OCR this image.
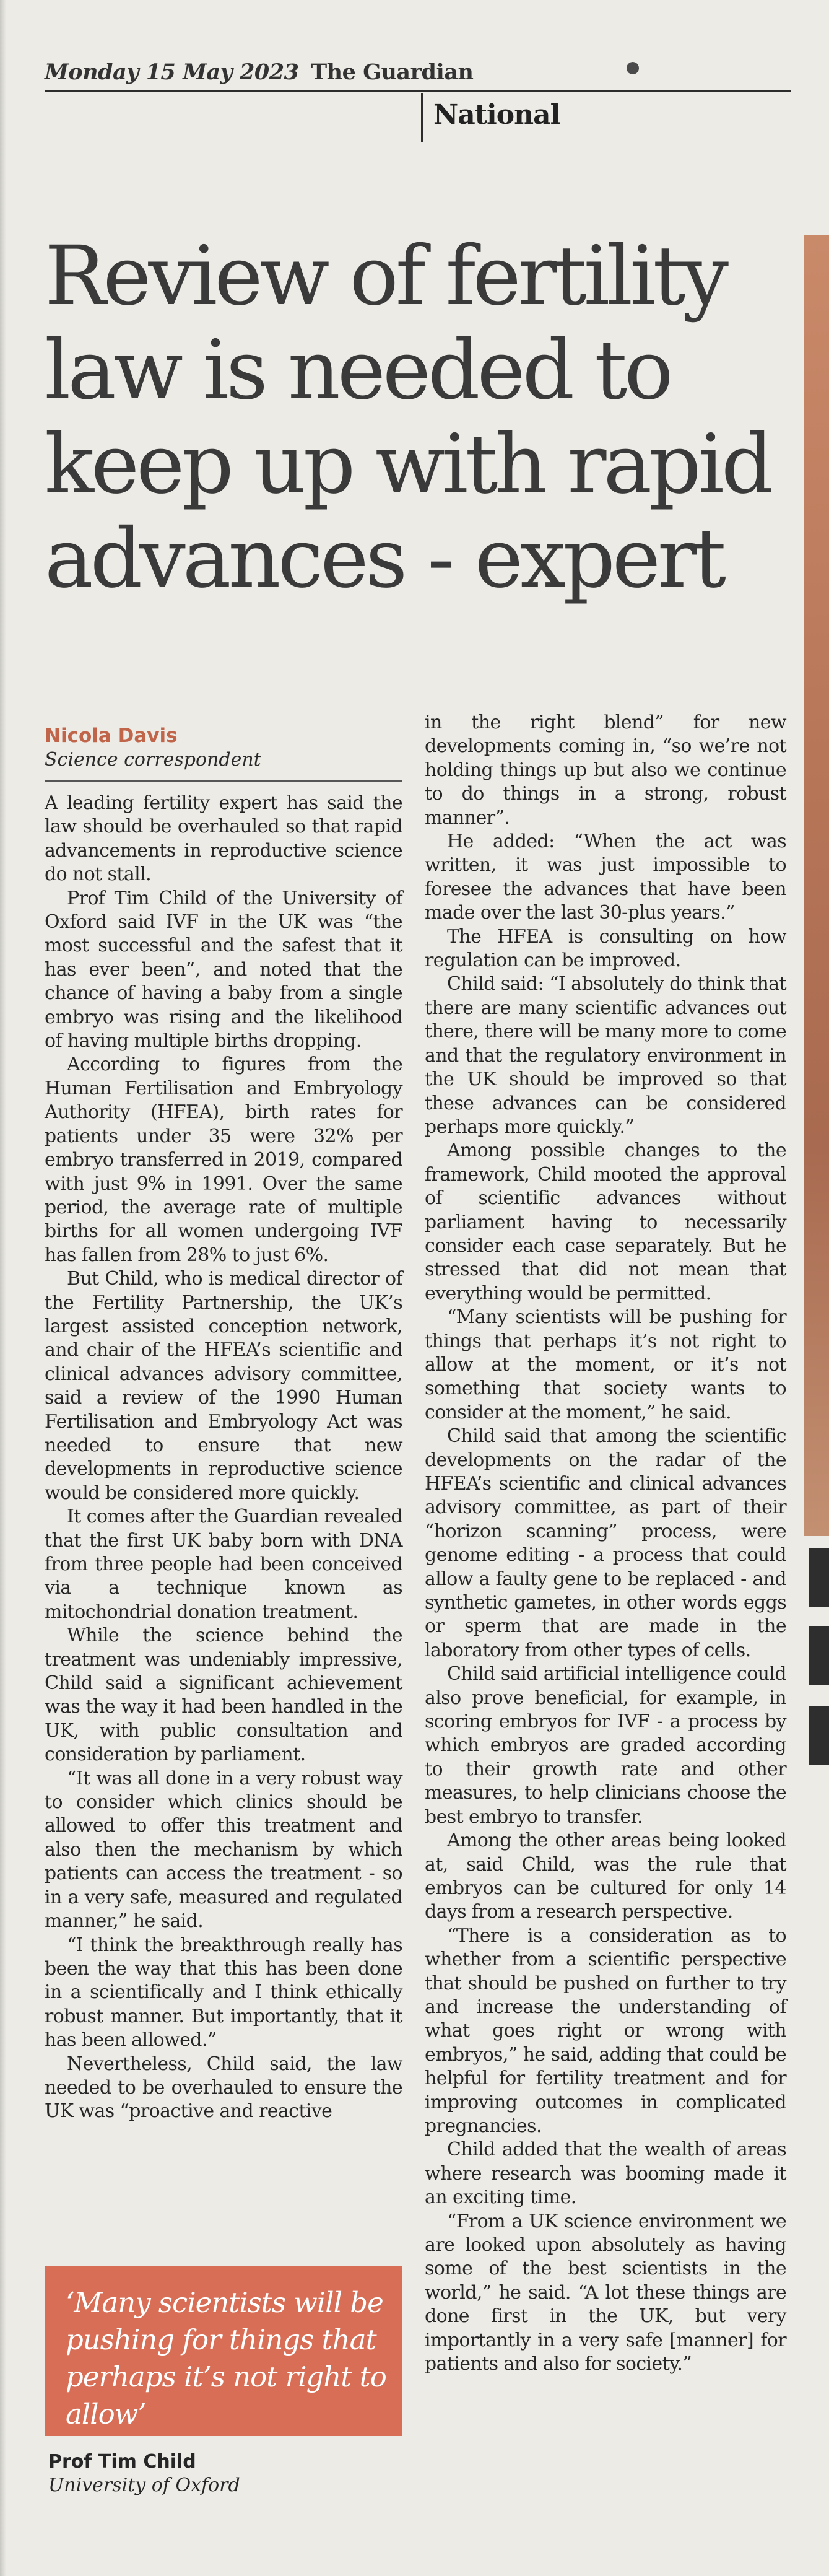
Monday 15 May 2023 The Guardian
National
Review of fertility law is needed to keep up with rapid advances - expert
Nicola Davis
Science correspondent

A leading fertility expert has said the law should be overhauled so that rapid advancements in reproductive science do not stall.

Prof Tim Child of the University of Oxford said IVF in the UK was “the most successful and the safest that it has ever been”, and noted that the chance of having a baby from a single embryo was rising and the likelihood of having multiple births dropping.

According to figures from the Human Fertilisation and Embryology Authority (HFEA), birth rates for patients under 35 were 32% per embryo transferred in 2019, compared with just 9% in 1991. Over the same period, the average rate of multiple births for all women undergoing IVF has fallen from 28% to just 6%.

But Child, who is medical director of the Fertility Partnership, the UK’s largest assisted conception network, and chair of the HFEA’s scientific and clinical advances advisory committee, said a review of the 1990 Human Fertilisation and Embryology Act was needed to ensure that new developments in reproductive science would be considered more quickly.

It comes after the Guardian revealed that the first UK baby born with DNA from three people had been conceived via a technique known as mitochondrial donation treatment.

While the science behind the treatment was undeniably impressive, Child said a significant achievement was the way it had been handled in the UK, with public consultation and consideration by parliament.

“It was all done in a very robust way to consider which clinics should be allowed to offer this treatment and also then the mechanism by which patients can access the treatment - so in a very safe, measured and regulated manner,” he said.

“I think the breakthrough really has been the way that this has been done in a scientifically and I think ethically robust manner. But importantly, that it has been allowed.”

Nevertheless, Child said, the law needed to be overhauled to ensure the UK was “proactive and reactive

in the right blend” for new developments coming in, “so we’re not holding things up but also we continue to do things in a strong, robust manner”.

He added: “When the act was written, it was just impossible to foresee the advances that have been made over the last 30-plus years.”

The HFEA is consulting on how regulation can be improved.

Child said: “I absolutely do think that there are many scientific advances out there, there will be many more to come and that the regulatory environment in the UK should be improved so that these advances can be considered perhaps more quickly.”

Among possible changes to the framework, Child mooted the approval of scientific advances without parliament having to necessarily consider each case separately. But he stressed that did not mean that everything would be permitted.

“Many scientists will be pushing for things that perhaps it’s not right to allow at the moment, or it’s not something that society wants to consider at the moment,” he said.

Child said that among the scientific developments on the radar of the HFEA’s scientific and clinical advances advisory committee, as part of their “horizon scanning” process, were genome editing - a process that could allow a faulty gene to be replaced - and synthetic gametes, in other words eggs or sperm that are made in the laboratory from other types of cells.

Child said artificial intelligence could also prove beneficial, for example, in scoring embryos for IVF - a process by which embryos are graded according to their growth rate and other measures, to help clinicians choose the best embryo to transfer.

Among the other areas being looked at, said Child, was the rule that embryos can be cultured for only 14 days from a research perspective.

“There is a consideration as to whether from a scientific perspective that should be pushed on further to try and increase the understanding of what goes right or wrong with embryos,” he said, adding that could be helpful for fertility treatment and for improving outcomes in complicated pregnancies.

Child added that the wealth of areas where research was booming made it an exciting time.

“From a UK science environment we are looked upon absolutely as having some of the best scientists in the world,” he said. “A lot these things are done first in the UK, but very importantly in a very safe [manner] for patients and also for society.”

‘Many scientists will be pushing for things that perhaps it’s not right to allow’

Prof Tim Child
University of Oxford
